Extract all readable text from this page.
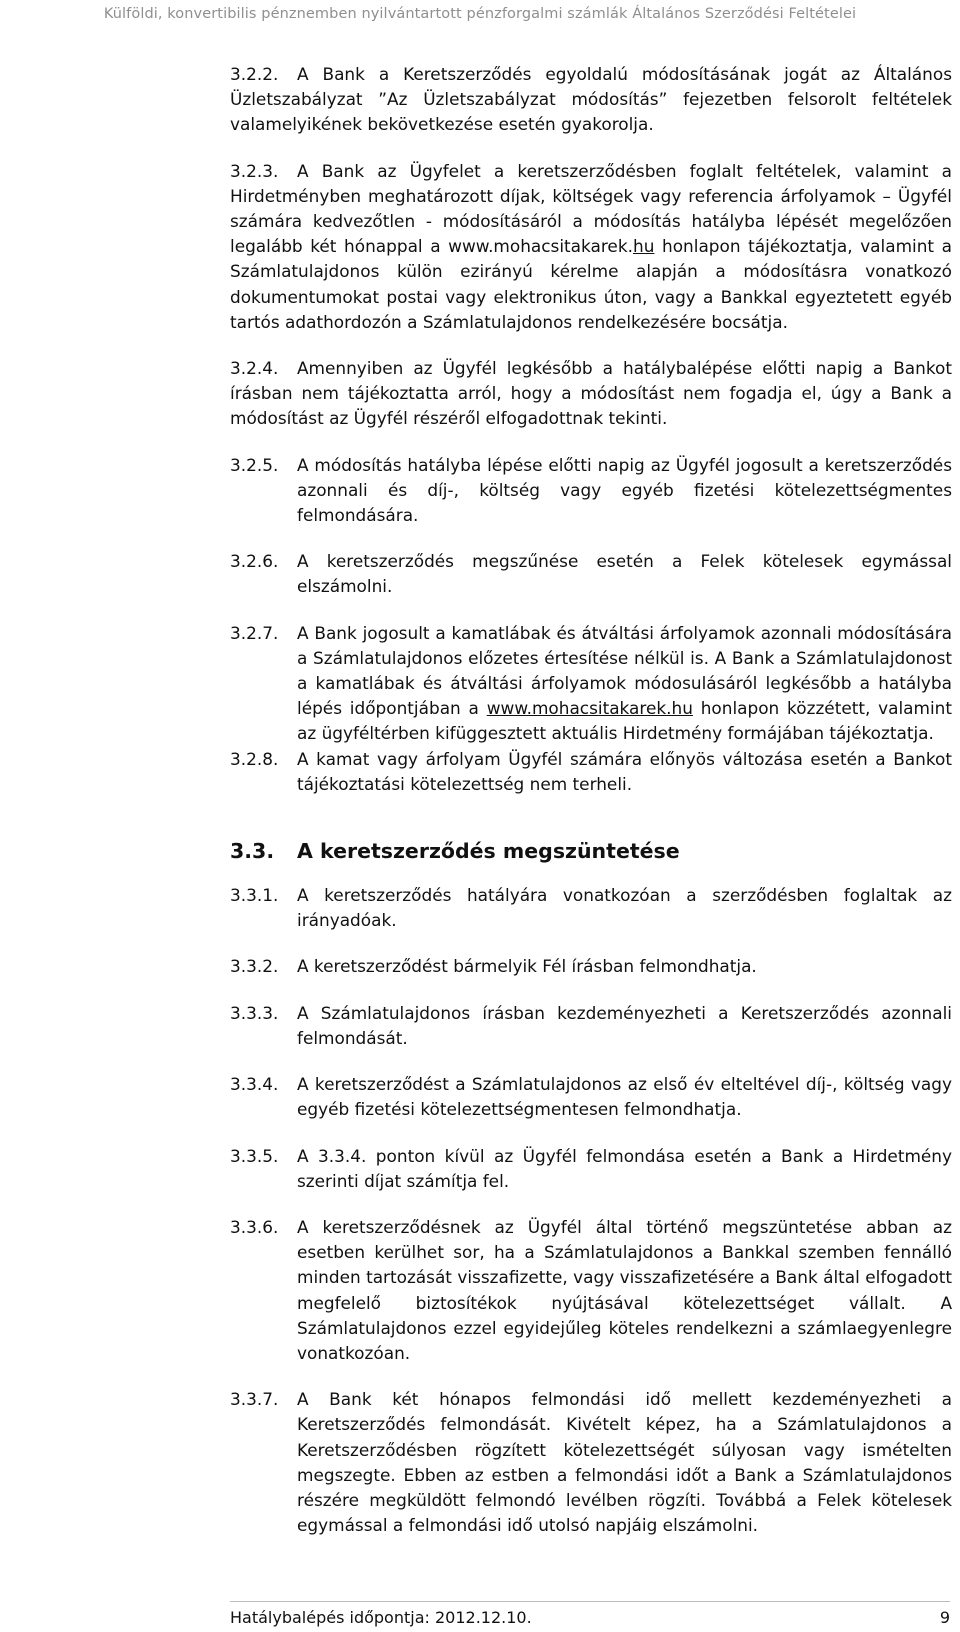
Külföldi, konvertibilis pénznemben nyilvántartott pénzforgalmi számlák Általános Szerződési Feltételei

3.2.2.	A Bank a Keretszerződés egyoldalú módosításának jogát az Általános Üzletszabályzat ”Az Üzletszabályzat módosítás” fejezetben felsorolt feltételek valamelyikének bekövetkezése esetén gyakorolja.

3.2.3.	A Bank az Ügyfelet a keretszerződésben foglalt feltételek, valamint a Hirdetményben meghatározott díjak, költségek vagy referencia árfolyamok – Ügyfél számára kedvezőtlen - módosításáról a módosítás hatályba lépését megelőzően legalább két hónappal a www.mohacsitakarek.hu honlapon tájékoztatja, valamint a Számlatulajdonos külön ezirányú kérelme alapján a módosításra vonatkozó dokumentumokat postai vagy elektronikus úton, vagy a Bankkal egyeztetett egyéb tartós adathordozón a Számlatulajdonos rendelkezésére bocsátja.

3.2.4.	Amennyiben az Ügyfél legkésőbb a hatálybalépése előtti napig a Bankot írásban nem tájékoztatta arról, hogy a módosítást nem fogadja el, úgy a Bank a módosítást az Ügyfél részéről elfogadottnak tekinti.

3.2.5.	A módosítás hatályba lépése előtti napig az Ügyfél jogosult a keretszerződés azonnali és díj-, költség vagy egyéb fizetési kötelezettségmentes felmondására.

3.2.6.	A keretszerződés megszűnése esetén a Felek kötelesek egymással elszámolni.

3.2.7.	A Bank jogosult a kamatlábak és átváltási árfolyamok azonnali módosítására a Számlatulajdonos előzetes értesítése nélkül is. A Bank a Számlatulajdonost a kamatlábak és átváltási árfolyamok módosulásáról legkésőbb a hatályba lépés időpontjában a www.mohacsitakarek.hu honlapon közzétett, valamint az ügyféltérben kifüggesztett aktuális Hirdetmény formájában tájékoztatja.

3.2.8.	A kamat vagy árfolyam Ügyfél számára előnyös változása esetén a Bankot tájékoztatási kötelezettség nem terheli.

3.3. A keretszerződés megszüntetése

3.3.1.	A keretszerződés hatályára vonatkozóan a szerződésben foglaltak az irányadóak.

3.3.2.	A keretszerződést bármelyik Fél írásban felmondhatja.

3.3.3.	A Számlatulajdonos írásban kezdeményezheti a Keretszerződés azonnali felmondását.

3.3.4.	A keretszerződést a Számlatulajdonos az első év elteltével díj-, költség vagy egyéb fizetési kötelezettségmentesen felmondhatja.

3.3.5.	A 3.3.4. ponton kívül az Ügyfél felmondása esetén a Bank a Hirdetmény szerinti díjat számítja fel.

3.3.6.	A keretszerződésnek az Ügyfél által történő megszüntetése abban az esetben kerülhet sor, ha a Számlatulajdonos a Bankkal szemben fennálló minden tartozását visszafizette, vagy visszafizetésére a Bank által elfogadott megfelelő biztosítékok nyújtásával kötelezettséget vállalt. A Számlatulajdonos ezzel egyidejűleg köteles rendelkezni a számlaegyenlegre vonatkozóan.

3.3.7.	A Bank két hónapos felmondási idő mellett kezdeményezheti a Keretszerződés felmondását. Kivételt képez, ha a Számlatulajdonos a Keretszerződésben rögzített kötelezettségét súlyosan vagy ismételten megszegte. Ebben az estben a felmondási időt a Bank a Számlatulajdonos részére megküldött felmondó levélben rögzíti. Továbbá a Felek kötelesek egymással a felmondási idő utolsó napjáig elszámolni.

Hatálybalépés időpontja: 2012.12.10.	9
